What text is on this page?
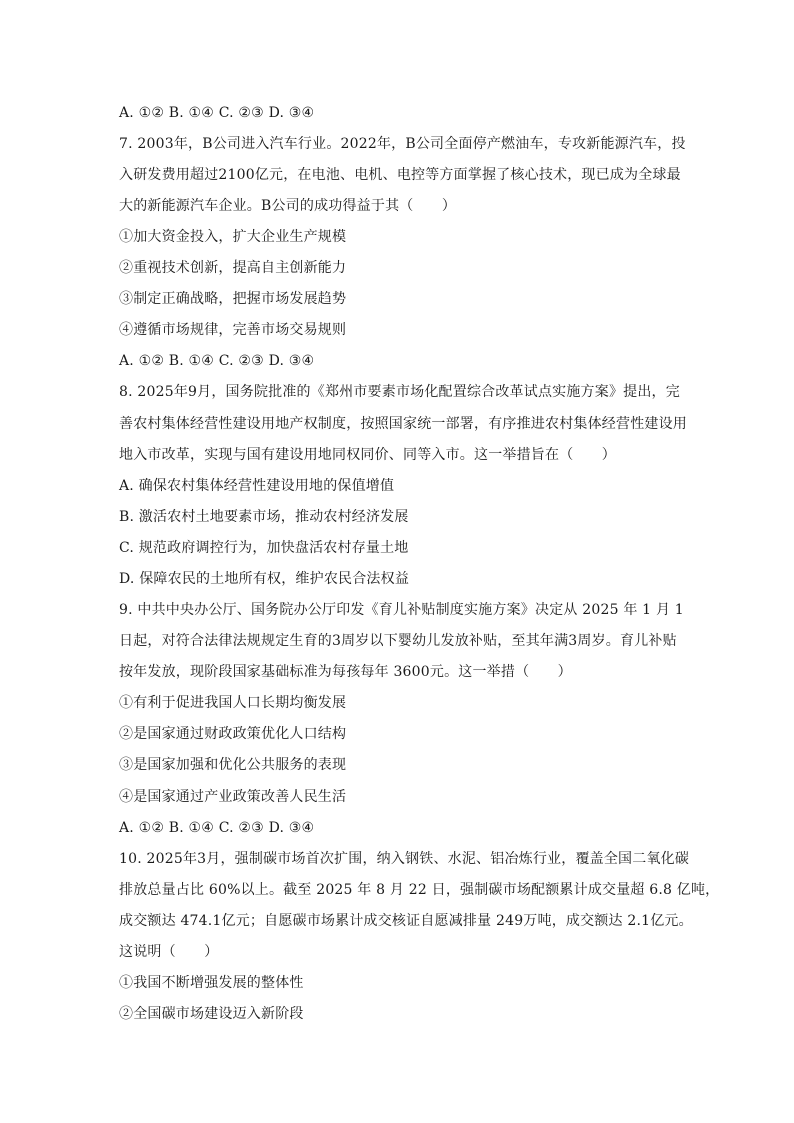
A. ①② B. ①④ C. ②③ D. ③④
7. 2003年，B公司进入汽车行业。2022年，B公司全面停产燃油车，专攻新能源汽车，投
入研发费用超过2100亿元，在电池、电机、电控等方面掌握了核心技术，现已成为全球最
大的新能源汽车企业。B公司的成功得益于其（　　）
①加大资金投入，扩大企业生产规模
②重视技术创新，提高自主创新能力
③制定正确战略，把握市场发展趋势
④遵循市场规律，完善市场交易规则
A. ①② B. ①④ C. ②③ D. ③④
8. 2025年9月，国务院批准的《郑州市要素市场化配置综合改革试点实施方案》提出，完
善农村集体经营性建设用地产权制度，按照国家统一部署，有序推进农村集体经营性建设用
地入市改革，实现与国有建设用地同权同价、同等入市。这一举措旨在（　　）
A. 确保农村集体经营性建设用地的保值增值
B. 激活农村土地要素市场，推动农村经济发展
C. 规范政府调控行为，加快盘活农村存量土地
D. 保障农民的土地所有权，维护农民合法权益
9. 中共中央办公厅、国务院办公厅印发《育儿补贴制度实施方案》决定从 2025 年 1 月 1
日起，对符合法律法规规定生育的3周岁以下婴幼儿发放补贴，至其年满3周岁。育儿补贴
按年发放，现阶段国家基础标准为每孩每年 3600元。这一举措（　　）
①有利于促进我国人口长期均衡发展
②是国家通过财政政策优化人口结构
③是国家加强和优化公共服务的表现
④是国家通过产业政策改善人民生活
A. ①② B. ①④ C. ②③ D. ③④
10. 2025年3月，强制碳市场首次扩围，纳入钢铁、水泥、铝冶炼行业，覆盖全国二氧化碳
排放总量占比 60%以上。截至 2025 年 8 月 22 日，强制碳市场配额累计成交量超 6.8 亿吨，
成交额达 474.1亿元；自愿碳市场累计成交核证自愿减排量 249万吨，成交额达 2.1亿元。
这说明（　　）
①我国不断增强发展的整体性
②全国碳市场建设迈入新阶段
